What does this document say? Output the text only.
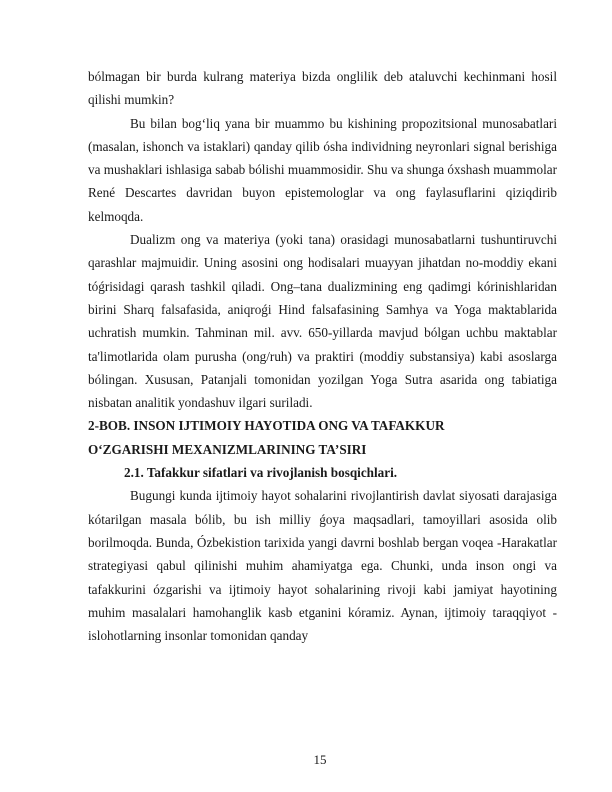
bólmagan bir burda kulrang materiya bizda onglilik deb ataluvchi kechinmani hosil qilishi mumkin?

Bu bilan bog‘liq yana bir muammo bu kishining propozitsional munosabatlari (masalan, ishonch va istaklari) qanday qilib ósha individning neyronlari signal berishiga va mushaklari ishlasiga sabab bólishi muammosidir. Shu va shunga óxshash muammolar René Descartes davridan buyon epistemologlar va ong faylasuflarini qiziqdirib kelmoqda.

Dualizm ong va materiya (yoki tana) orasidagi munosabatlarni tushuntiruvchi qarashlar majmuidir. Uning asosini ong hodisalari muayyan jihatdan no-moddiy ekani tóǵrisidagi qarash tashkil qiladi. Ong–tana dualizmining eng qadimgi kórinishlaridan birini Sharq falsafasida, aniqroǵi Hind falsafasining Samhya va Yoga maktablarida uchratish mumkin. Tahminan mil. avv. 650-yillarda mavjud bólgan uchbu maktablar ta'limotlarida olam purusha (ong/ruh) va praktiri (moddiy substansiya) kabi asoslarga bólingan. Xususan, Patanjali tomonidan yozilgan Yoga Sutra asarida ong tabiatiga nisbatan analitik yondashuv ilgari suriladi.

2-BOB. INSON IJTIMOIY HAYOTIDA ONG VA TAFAKKUR

O‘ZGARISHI MEXANIZMLARINING TA’SIRI

2.1. Tafakkur sifatlari va rivojlanish bosqichlari.

Bugungi kunda ijtimoiy hayot sohalarini rivojlantirish davlat siyosati darajasiga kótarilgan masala bólib, bu ish milliy ǵoya maqsadlari, tamoyillari asosida olib borilmoqda. Bunda, Ózbekistion tarixida yangi davrni boshlab bergan voqea -Harakatlar strategiyasi qabul qilinishi muhim ahamiyatga ega. Chunki, unda inson ongi va tafakkurini ózgarishi va ijtimoiy hayot sohalarining rivoji kabi jamiyat hayotining muhim masalalari hamohanglik kasb etganini kóramiz. Aynan, ijtimoiy taraqqiyot - islohotlarning insonlar tomonidan qanday

15
